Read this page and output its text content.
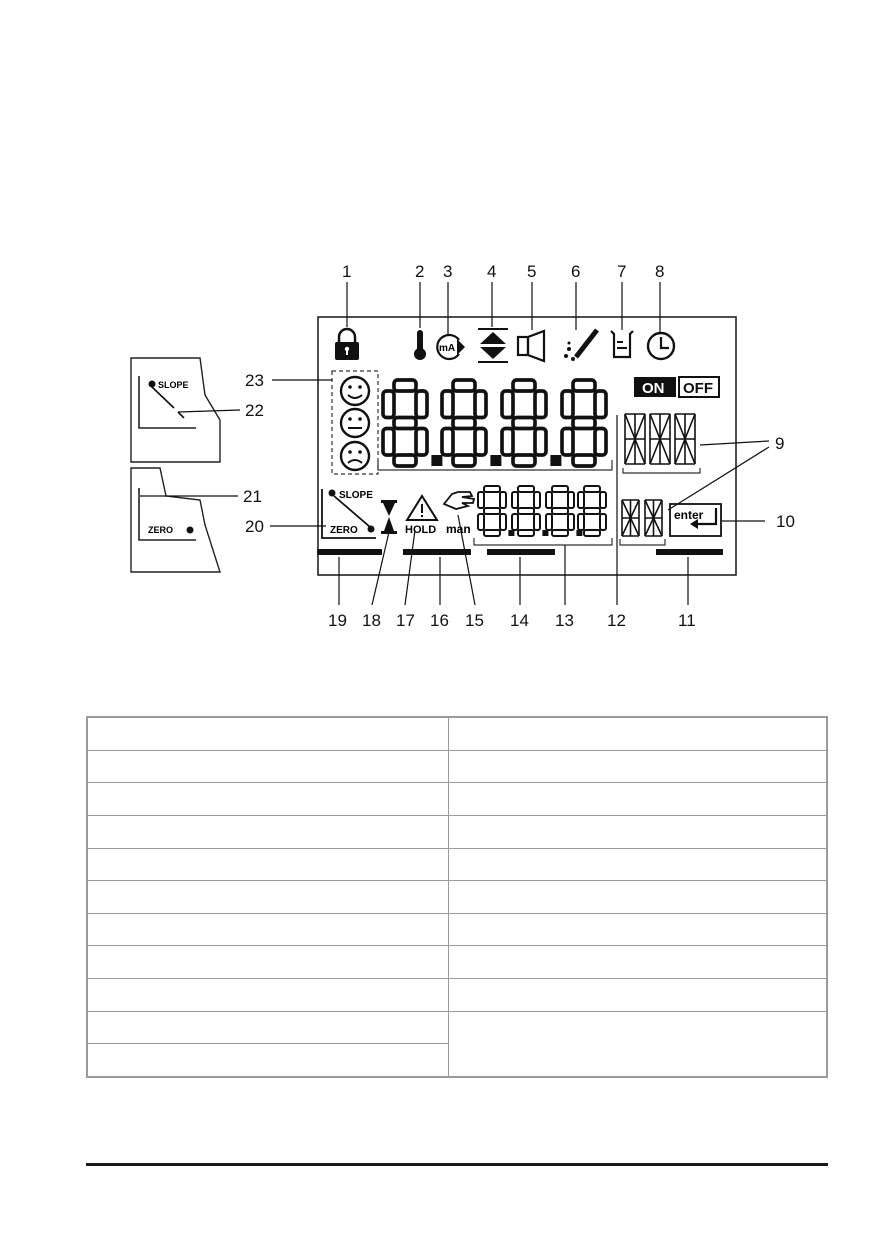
SLOPE
ZERO
mA
ON OFF
SLOPE
ZERO	HOLD man
enter
1	2 3 4 5 6 7 8
9
10
11
12
13
14
15
16
17
18
19
20
21
22
23
